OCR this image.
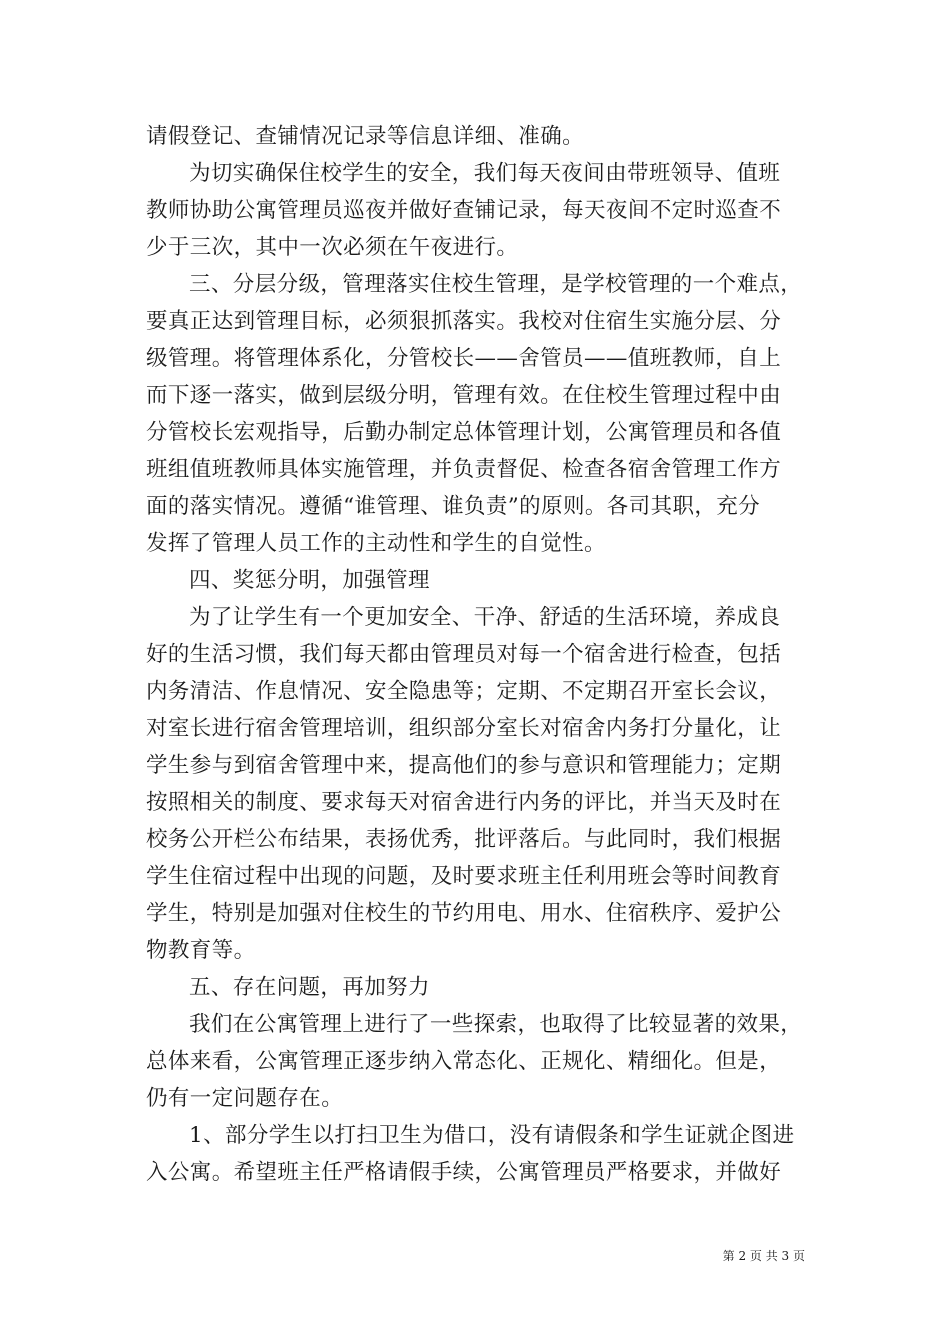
请假登记、查铺情况记录等信息详细、准确。
为切实确保住校学生的安全，我们每天夜间由带班领导、值班
教师协助公寓管理员巡夜并做好查铺记录，每天夜间不定时巡查不
少于三次，其中一次必须在午夜进行。
三、分层分级，管理落实住校生管理，是学校管理的一个难点，
要真正达到管理目标，必须狠抓落实。我校对住宿生实施分层、分
级管理。将管理体系化，分管校长——舍管员——值班教师，自上
而下逐一落实，做到层级分明，管理有效。在住校生管理过程中由
分管校长宏观指导，后勤办制定总体管理计划，公寓管理员和各值
班组值班教师具体实施管理，并负责督促、检查各宿舍管理工作方
面的落实情况。遵循“谁管理、谁负责”的原则。各司其职，充分
发挥了管理人员工作的主动性和学生的自觉性。
四、奖惩分明，加强管理
为了让学生有一个更加安全、干净、舒适的生活环境，养成良
好的生活习惯，我们每天都由管理员对每一个宿舍进行检查，包括
内务清洁、作息情况、安全隐患等；定期、不定期召开室长会议，
对室长进行宿舍管理培训，组织部分室长对宿舍内务打分量化，让
学生参与到宿舍管理中来，提高他们的参与意识和管理能力；定期
按照相关的制度、要求每天对宿舍进行内务的评比，并当天及时在
校务公开栏公布结果，表扬优秀，批评落后。与此同时，我们根据
学生住宿过程中出现的问题，及时要求班主任利用班会等时间教育
学生，特别是加强对住校生的节约用电、用水、住宿秩序、爱护公
物教育等。
五、存在问题，再加努力
我们在公寓管理上进行了一些探索，也取得了比较显著的效果，
总体来看，公寓管理正逐步纳入常态化、正规化、精细化。但是，
仍有一定问题存在。
1、部分学生以打扫卫生为借口，没有请假条和学生证就企图进
入公寓。希望班主任严格请假手续，公寓管理员严格要求，并做好
第 2 页 共 3 页
